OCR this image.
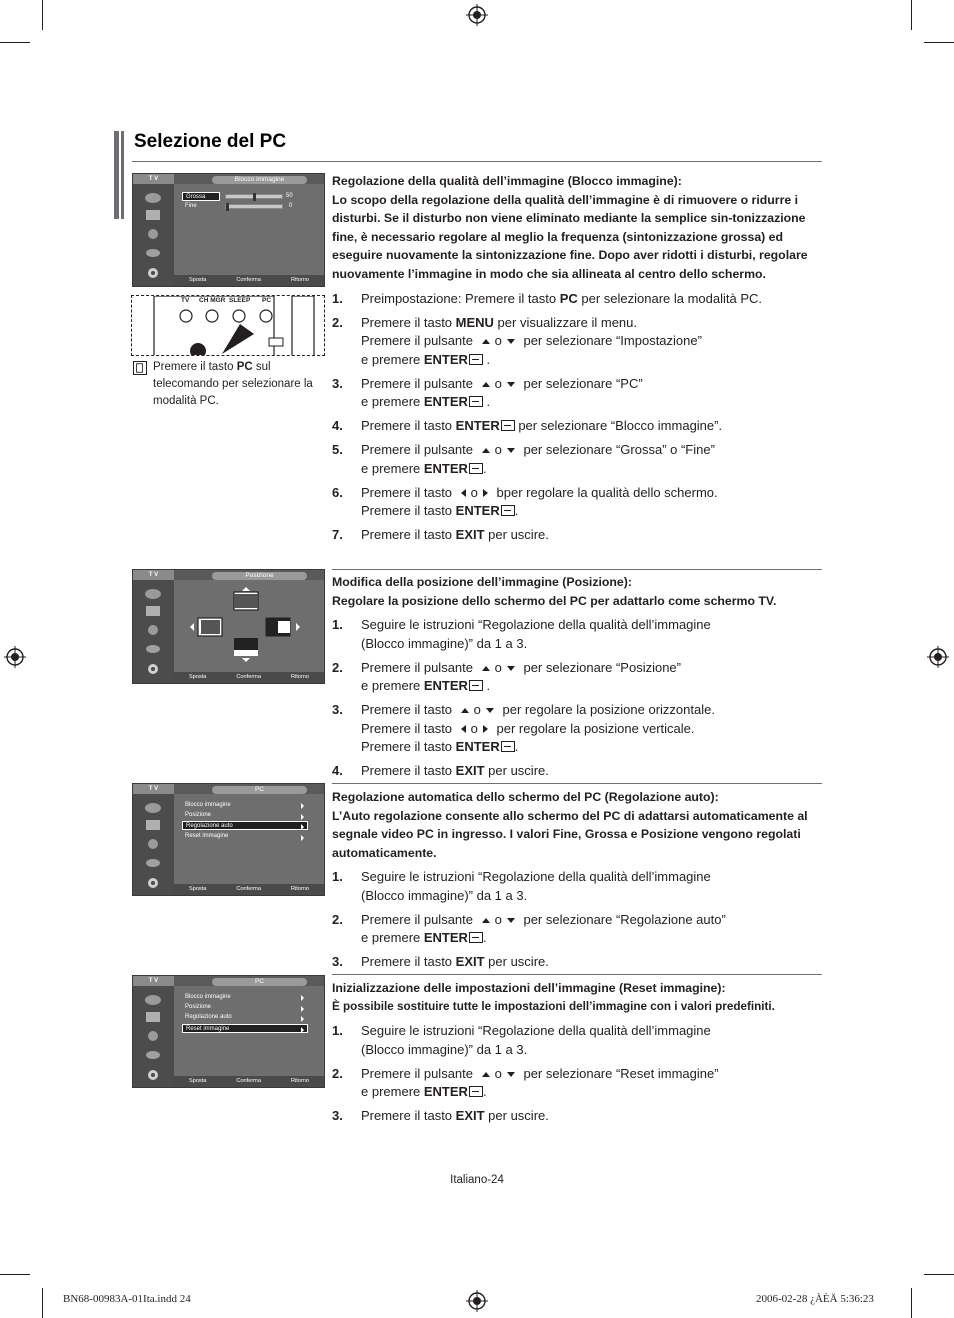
Selezione del PC
T V	Blocco immagine
Grossa	50
Fine	0
Sposta	Conferma	Ritorno
TV CH MGR SLEEP PC
Premere il tasto PC sul telecomando per selezionare la modalità PC.
T V	Posizione
Sposta	Conferma	Ritorno
T V	PC
Blocco immagine
Posizione
Regolazione auto
Reset immagine
Sposta	Conferma	Ritorno
T V	PC
Blocco immagine
Posizione
Regolazione auto
Reset immagine
Sposta	Conferma	Ritorno
Regolazione della qualità dell’immagine (Blocco immagine):
Lo scopo della regolazione della qualità dell’immagine è di rimuovere o ridurre i disturbi. Se il disturbo non viene eliminato mediante la semplice sin-tonizzazione fine, è necessario regolare al meglio la frequenza (sintonizzazione grossa) ed eseguire nuovamente la sintonizzazione fine. Dopo aver ridotti i disturbi, regolare nuovamente l’immagine in modo che sia allineata al centro dello schermo.
1.	Preimpostazione: Premere il tasto PC per selezionare la modalità PC.
2.	Premere il tasto MENU per visualizzare il menu.
Premere il pulsante o per selezionare “Impostazione”
e premere ENTER .
3.	Premere il pulsante o per selezionare “PC”
e premere ENTER .
4.	Premere il tasto ENTER per selezionare “Blocco immagine”.
5.	Premere il pulsante o per selezionare “Grossa” o “Fine”
e premere ENTER .
6.	Premere il tasto o bper regolare la qualità dello schermo.
Premere il tasto ENTER .
7.	Premere il tasto EXIT per uscire.
Modifica della posizione dell’immagine (Posizione):
Regolare la posizione dello schermo del PC per adattarlo come schermo TV.
1.	Seguire le istruzioni “Regolazione della qualità dell’immagine
(Blocco immagine)” da 1 a 3.
2.	Premere il pulsante o per selezionare “Posizione”
e premere ENTER .
3.	Premere il tasto o per regolare la posizione orizzontale.
Premere il tasto o per regolare la posizione verticale.
Premere il tasto ENTER .
4.	Premere il tasto EXIT per uscire.
Regolazione automatica dello schermo del PC (Regolazione auto):
L’Auto regolazione consente allo schermo del PC di adattarsi automaticamente al segnale video PC in ingresso. I valori Fine, Grossa e Posizione vengono regolati automaticamente.
1.	Seguire le istruzioni “Regolazione della qualità dell’immagine
(Blocco immagine)” da 1 a 3.
2.	Premere il pulsante o per selezionare “Regolazione auto”
e premere ENTER .
3.	Premere il tasto EXIT per uscire.
Inizializzazione delle impostazioni dell’immagine (Reset immagine):
È possibile sostituire tutte le impostazioni dell’immagine con i valori predefiniti.
1.	Seguire le istruzioni “Regolazione della qualità dell’immagine
(Blocco immagine)” da 1 a 3.
2.	Premere il pulsante o per selezionare “Reset immagine”
e premere ENTER .
3.	Premere il tasto EXIT per uscire.
Italiano-24
BN68-00983A-01Ita.indd 24	2006-02-28 ¿ÀÈÄ 5:36:23
